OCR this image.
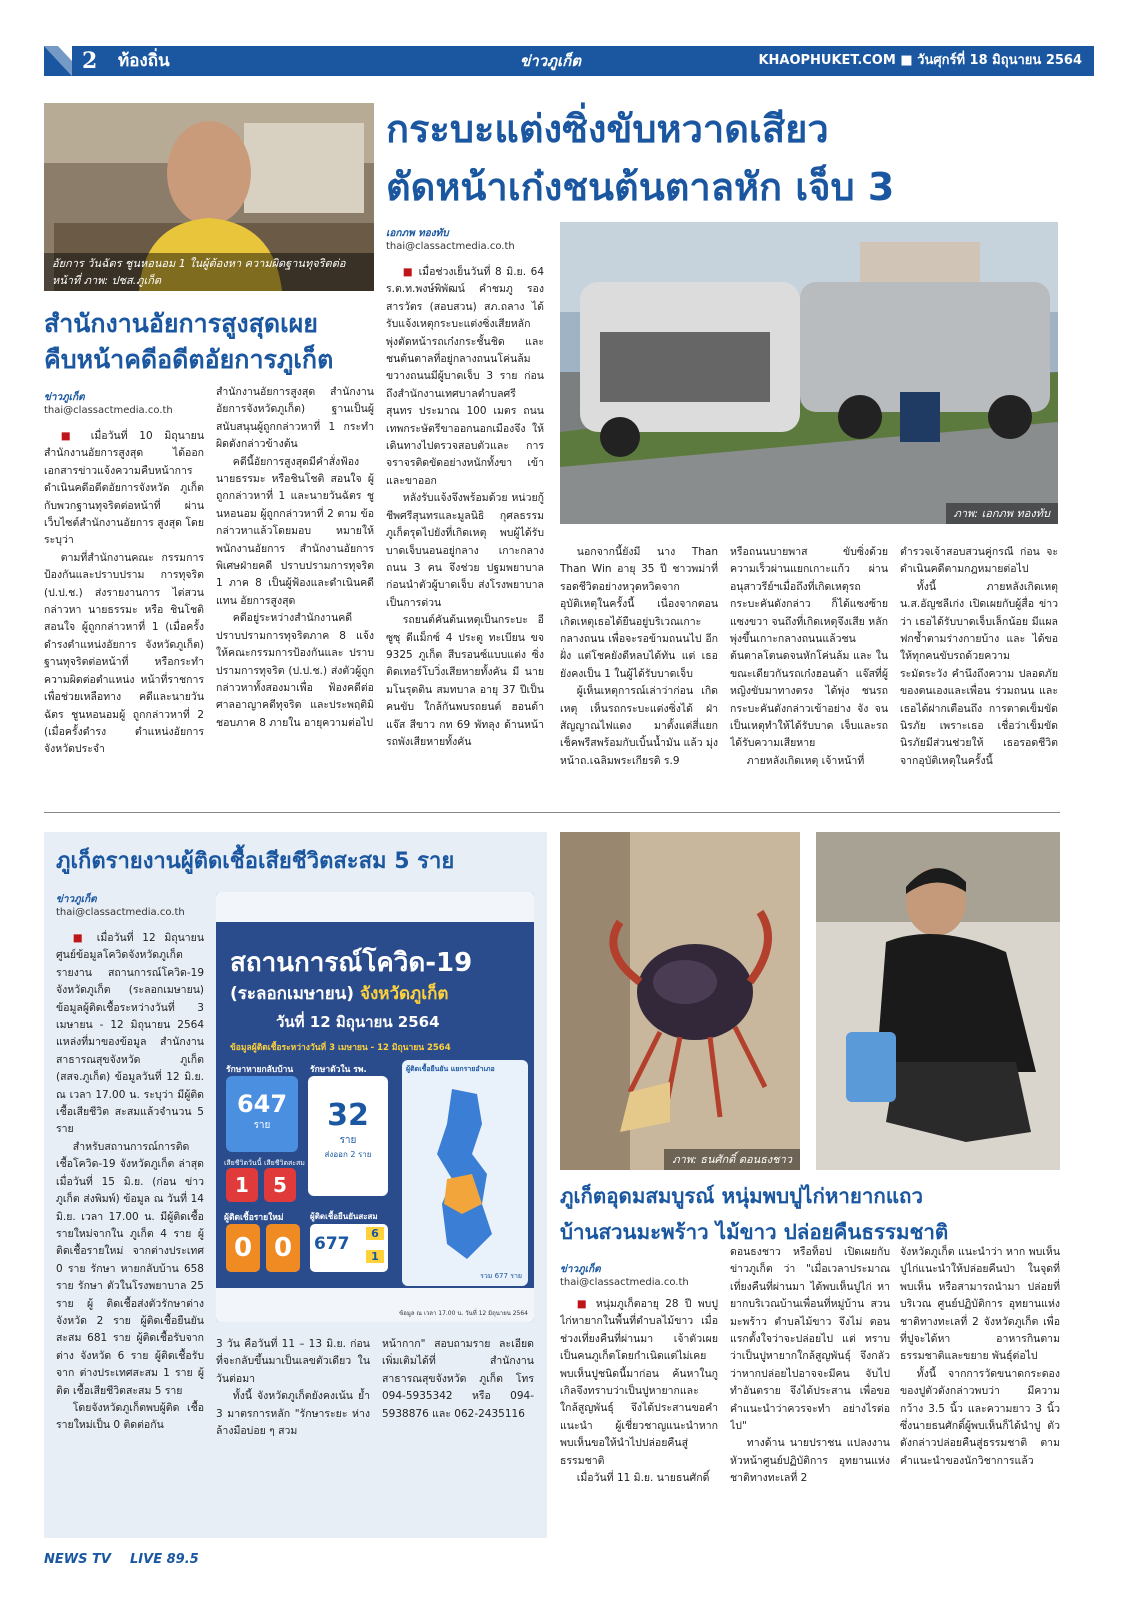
2 ท้องถิ่น	ข่าวภูเก็ต	KHAOPHUKET.COM ■ วันศุกร์ที่ 18 มิถุนายน 2564
อัยการ วันฉัตร ชูนหอนอม 1 ในผู้ต้องหา ความผิดฐานทุจริตต่อหน้าที่ ภาพ: ปชส.ภูเก็ต
สำนักงานอัยการสูงสุดเผย
คืบหน้าคดีอดีตอัยการภูเก็ต
ข่าวภูเก็ต
thai@classactmedia.co.th

■ เมื่อวันที่ 10 มิถุนายน สำนักงานอัยการสูงสุด ได้ออก เอกสารข่าวแจ้งความคืบหน้าการ ดำเนินคดีอดีตอัยการจังหวัด ภูเก็ตกับพวกฐานทุจริตต่อหน้าที่ ผ่านเว็บไซต์สำนักงานอัยการ สูงสุด โดยระบุว่า

ตามที่สำนักงานคณะ กรรมการป้องกันและปราบปราม การทุจริต (ป.ป.ช.) ส่งรายงานการ ไต่สวนกล่าวหา นายธรรมะ หรือ ชินโชติ สอนใจ ผู้ถูกกล่าวหาที่ 1 (เมื่อครั้งดำรงตำแหน่งอัยการ จังหวัดภูเก็ต) ฐานทุจริตต่อหน้าที่ หรือกระทำความผิดต่อตำแหน่ง หน้าที่ราชการ เพื่อช่วยเหลือทาง คดีและนายวันฉัตร ชูนหอนอมผู้ ถูกกล่าวหาที่ 2 (เมื่อครั้งดำรง ตำแหน่งอัยการจังหวัดประจำ

สำนักงานอัยการสูงสุด สำนักงาน อัยการจังหวัดภูเก็ต) ฐานเป็นผู้ สนับสนุนผู้ถูกกล่าวหาที่ 1 กระทำ ผิดดังกล่าวข้างต้น

คดีนี้อัยการสูงสุดมีคำสั่งฟ้อง นายธรรมะ หรือชินโชติ สอนใจ ผู้ ถูกกล่าวหาที่ 1 และนายวันฉัตร ชูนหอนอม ผู้ถูกกล่าวหาที่ 2 ตาม ข้อกล่าวหาแล้วโดยมอบ หมายให้พนักงานอัยการ สำนักงานอัยการพิเศษฝ่ายคดี ปราบปรามการทุจริต 1 ภาค 8 เป็นผู้ฟ้องและดำเนินคดีแทน อัยการสูงสุด

คดีอยู่ระหว่างสำนักงานคดี ปราบปรามการทุจริตภาค 8 แจ้ง ให้คณะกรรมการป้องกันและ ปราบปรามการทุจริต (ป.ป.ช.) ส่งตัวผู้ถูกกล่าวหาทั้งสองมาเพื่อ ฟ้องคดีต่อศาลอาญาคดีทุจริต และประพฤติมิชอบภาค 8 ภายใน อายุความต่อไป

กระบะแต่งซิ่งขับหวาดเสียว
ตัดหน้าเก๋งชนต้นตาลหัก เจ็บ 3
เอกภพ ทองทับ
thai@classactmedia.co.th
ภาพ: เอกภพ ทองทับ

■ เมื่อช่วงเย็นวันที่ 8 มิ.ย. 64 ร.ต.ท.พงษ์พิพัฒน์ คำชมภู รอง สารวัตร (สอบสวน) สภ.ถลาง ได้ รับแจ้งเหตุกระบะแต่งซิ่งเสียหลัก พุ่งตัดหน้ารถเก๋งกระชั้นชิด และ ชนต้นตาลที่อยู่กลางถนนโค่นล้ม ขวางถนนมีผู้บาดเจ็บ 3 ราย ก่อน ถึงสำนักงานเทศบาลตำบลศรี สุนทร ประมาณ 100 เมตร ถนน เทพกระษัตรีขาออกนอกเมืองจึง ให้เดินทางไปตรวจสอบตัวและ การจราจรติดขัดอย่างหนักทั้งขา เข้าและขาออก

หลังรับแจ้งจึงพร้อมด้วย หน่วยกู้ชีพศรีสุนทรและมูลนิธิ กุศลธรรมภูเก็ตรุดไปยังที่เกิดเหตุ พบผู้ได้รับบาดเจ็บนอนอยู่กลาง เกาะกลางถนน 3 คน จึงช่วย ปฐมพยาบาลก่อนนำตัวผู้บาดเจ็บ ส่งโรงพยาบาลเป็นการด่วน

รถยนต์คันต้นเหตุเป็นกระบะ อีซูซุ ดีแม็กซ์ 4 ประตู ทะเบียน ขจ 9325 ภูเก็ต สีบรอนซ์แบบแต่ง ซิ่ง ติดเทอร์โบวิ่งเสียหายทั้งคัน มี นายมโนรุตติน สมทบาล อายุ 37 ปีเป็นคนขับ ใกล้กันพบรถยนต์ ฮอนด้า แจ๊ส สีขาว กท 69 พัทลุง ด้านหน้ารถพังเสียหายทั้งคัน

นอกจากนี้ยังมี นาง Than Than Win อายุ 35 ปี ชาวพม่าที่ รอดชีวิตอย่างหวุดหวิดจาก อุบัติเหตุในครั้งนี้ เนื่องจากตอน เกิดเหตุเธอได้ยืนอยู่บริเวณเกาะ กลางถนน เพื่อจะรอข้ามถนนไป อีกฝั่ง แต่โชคยังดีหลบได้ทัน แต่ เธอยังคงเป็น 1 ในผู้ได้รับบาดเจ็บ

ผู้เห็นเหตุการณ์เล่าว่าก่อน เกิดเหตุ เห็นรถกระบะแต่งซิ่งได้ ฝ่าสัญญาณไฟแดง มาตั้งแต่สี่แยก เช็คพรีสพร้อมกับเบิ้นน้ำมัน แล้ว มุ่งหน้าถ.เฉลิมพระเกียรติ ร.9

หรือถนนบายพาส ขับซิ่งด้วย ความเร็วผ่านแยกเกาะแก้ว ผ่าน อนุสาวรีย์ฯเมื่อถึงที่เกิดเหตุรถ กระบะคันดังกล่าว ก็ได้แซงซ้าย แซงขวา จนถึงที่เกิดเหตุจึงเสีย หลักพุ่งขึ้นเกาะกลางถนนแล้วชน ต้นตาลโตนดจนหักโค่นล้ม และ ในขณะเดียวกันรถเก๋งฮอนด้า แจ๊สที่ผู้หญิงขับมาทางตรง ได้พุ่ง ชนรถกระบะคันดังกล่าวเข้าอย่าง จัง จนเป็นเหตุทำให้ได้รับบาด เจ็บและรถได้รับความเสียหาย

ภายหลังเกิดเหตุ เจ้าหน้าที่

ตำรวจเจ้าสอบสวนคู่กรณี ก่อน จะดำเนินคดีตามกฎหมายต่อไป

ทั้งนี้ ภายหลังเกิดเหตุ น.ส.อัญชลีเก่ง เปิดเผยกับผู้สื่อ ข่าวว่า เธอได้รับบาดเจ็บเล็กน้อย มีแผลฟกช้ำตามร่างกายบ้าง และ ได้ขอให้ทุกคนขับรถด้วยความ ระมัดระวัง คำนึงถึงความ ปลอดภัยของตนเองและเพื่อน ร่วมถนน และเธอได้ฝากเตือนถึง การตาดเข็มขัดนิรภัย เพราะเธอ เชื่อว่าเข็มขัดนิรภัยมีส่วนช่วยให้ เธอรอดชีวิตจากอุบัติเหตุในครั้งนี้

ภูเก็ตรายงานผู้ติดเชื้อเสียชีวิตสะสม 5 ราย
ข่าวภูเก็ต
thai@classactmedia.co.th

■ เมื่อวันที่ 12 มิถุนายน ศูนย์ข้อมูลโควิดจังหวัดภูเก็ต รายงาน สถานการณ์โควิด-19 จังหวัดภูเก็ต (ระลอกเมษายน) ข้อมูลผู้ติดเชื้อระหว่างวันที่ 3 เมษายน - 12 มิถุนายน 2564 แหล่งที่มาของข้อมูล สำนักงานสาธารณสุขจังหวัด ภูเก็ต (สสจ.ภูเก็ต) ข้อมูลวันที่ 12 มิ.ย. ณ เวลา 17.00 น. ระบุว่า มีผู้ติดเชื้อเสียชีวิต สะสมแล้วจำนวน 5 ราย

สำหรับสถานการณ์การติด เชื้อโควิด-19 จังหวัดภูเก็ต ล่าสุด เมื่อวันที่ 15 มิ.ย. (ก่อน ข่าวภูเก็ต ส่งพิมพ์) ข้อมูล ณ วันที่ 14 มิ.ย. เวลา 17.00 น. มีผู้ติดเชื้อรายใหม่จากใน ภูเก็ต 4 ราย ผู้ติดเชื้อรายใหม่ จากต่างประเทศ 0 ราย รักษา หายกลับบ้าน 658 ราย รักษา ตัวในโรงพยาบาล 25 ราย ผู้ ติดเชื้อส่งตัวรักษาต่างจังหวัด 2 ราย ผู้ติดเชื้อยืนยันสะสม 681 ราย ผู้ติดเชื้อรับจากต่าง จังหวัด 6 ราย ผู้ติดเชื้อรับจาก ต่างประเทศสะสม 1 ราย ผู้ติด เชื้อเสียชีวิตสะสม 5 ราย

โดยจังหวัดภูเก็ตพบผู้ติด เชื้อรายใหม่เป็น 0 ติดต่อกัน

สถานการณ์โควิด-19
(ระลอกเมษายน) จังหวัดภูเก็ต
วันที่ 12 มิถุนายน 2564
ข้อมูลผู้ติดเชื้อระหว่างวันที่ 3 เมษายน - 12 มิถุนายน 2564
รักษาหายกลับบ้าน
647
ราย
รักษาตัวใน รพ.
32
ราย
ส่งออก 2 ราย
เสียชีวิตวันนี้ เสียชีวิตสะสม
1	5
ผู้ติดเชื้อรายใหม่
0 0
ผู้ติดเชื้อยืนยันสะสม
677
6
1
ผู้ติดเชื้อยืนยัน แยกรายอำเภอ
รวม 677 ราย
ข้อมูล ณ เวลา 17.00 น. วันที่ 12 มิถุนายน 2564

3 วัน คือวันที่ 11 – 13 มิ.ย. ก่อน ที่จะกลับขึ้นมาเป็นเลขตัวเดียว ในวันต่อมา

ทั้งนี้ จังหวัดภูเก็ตยังคงเน้น ย้ำ 3 มาตรการหลัก "รักษาระยะ ห่าง ล้างมือบ่อย ๆ สวม

หน้ากาก" สอบถามราย ละเอียดเพิ่มเติมได้ที่ สำนักงานสาธารณสุขจังหวัด ภูเก็ต โทร 094-5935342 หรือ 094-5938876 และ 062-2435116

ภาพ: ธนศักดิ์ ดอนธงชาว
ภูเก็ตอุดมสมบูรณ์ หนุ่มพบปูไก่หายากแถว
บ้านสวนมะพร้าว ไม้ขาว ปล่อยคืนธรรมชาติ
ข่าวภูเก็ต
thai@classactmedia.co.th

■ หนุ่มภูเก็ตอายุ 28 ปี พบปู ไก่หายากในพื้นที่ตำบลไม้ขาว เมื่อ ช่วงเที่ยงคืนที่ผ่านมา เจ้าตัวเผย เป็นคนภูเก็ตโดยกำเนิดแต่ไม่เคย พบเห็นปูชนิดนี้มาก่อน ค้นหาในกู เกิลจึงทราบว่าเป็นปูหายากและ ใกล้สูญพันธุ์ จึงได้ประสานขอคำ แนะนำ ผู้เชี่ยวชาญแนะนำหาก พบเห็นขอให้นำไปปล่อยคืนสู่ ธรรมชาติ

เมื่อวันที่ 11 มิ.ย. นายธนศักดิ์

ดอนธงชาว หรือท็อป เปิดเผยกับ ข่าวภูเก็ต ว่า "เมื่อเวลาประมาณ เที่ยงคืนที่ผ่านมา ได้พบเห็นปูไก่ หายากบริเวณบ้านเพื่อนที่หมู่บ้าน สวนมะพร้าว ตำบลไม้ขาว จึงไม่ ตอนแรกตั้งใจว่าจะปล่อยไป แต่ ทราบว่าเป็นปูหายากใกล้สูญพันธุ์ จึงกลัวว่าหากปล่อยไปอาจจะมีคน จับไปทำอันตราย จึงได้ประสาน เพื่อขอคำแนะนำว่าควรจะทำ อย่างไรต่อไป"

ทางด้าน นายปราชน แปลงงาน หัวหน้าศูนย์ปฏิบัติการ อุทยานแห่งชาติทางทะเลที่ 2

จังหวัดภูเก็ต แนะนำว่า หาก พบเห็นปูไก่แนะนำให้ปล่อยคืนป่า ในจุดที่พบเห็น หรือสามารถนำมา ปล่อยที่บริเวณ ศูนย์ปฏิบัติการ อุทยานแห่งชาติทางทะเลที่ 2 จังหวัดภูเก็ต เพื่อที่ปูจะได้หา อาหารกินตามธรรมชาติและขยาย พันธุ์ต่อไป

ทั้งนี้ จากการวัดขนาดกระดอง ของปูตัวดังกล่าวพบว่า มีความ กว้าง 3.5 นิ้ว และความยาว 3 นิ้ว ซึ่งนายธนศักดิ์ผู้พบเห็นก็ได้นำปู ตัวดังกล่าวปล่อยคืนสู่ธรรมชาติ ตามคำแนะนำของนักวิชาการแล้ว

NEWS TV LIVE 89.5
